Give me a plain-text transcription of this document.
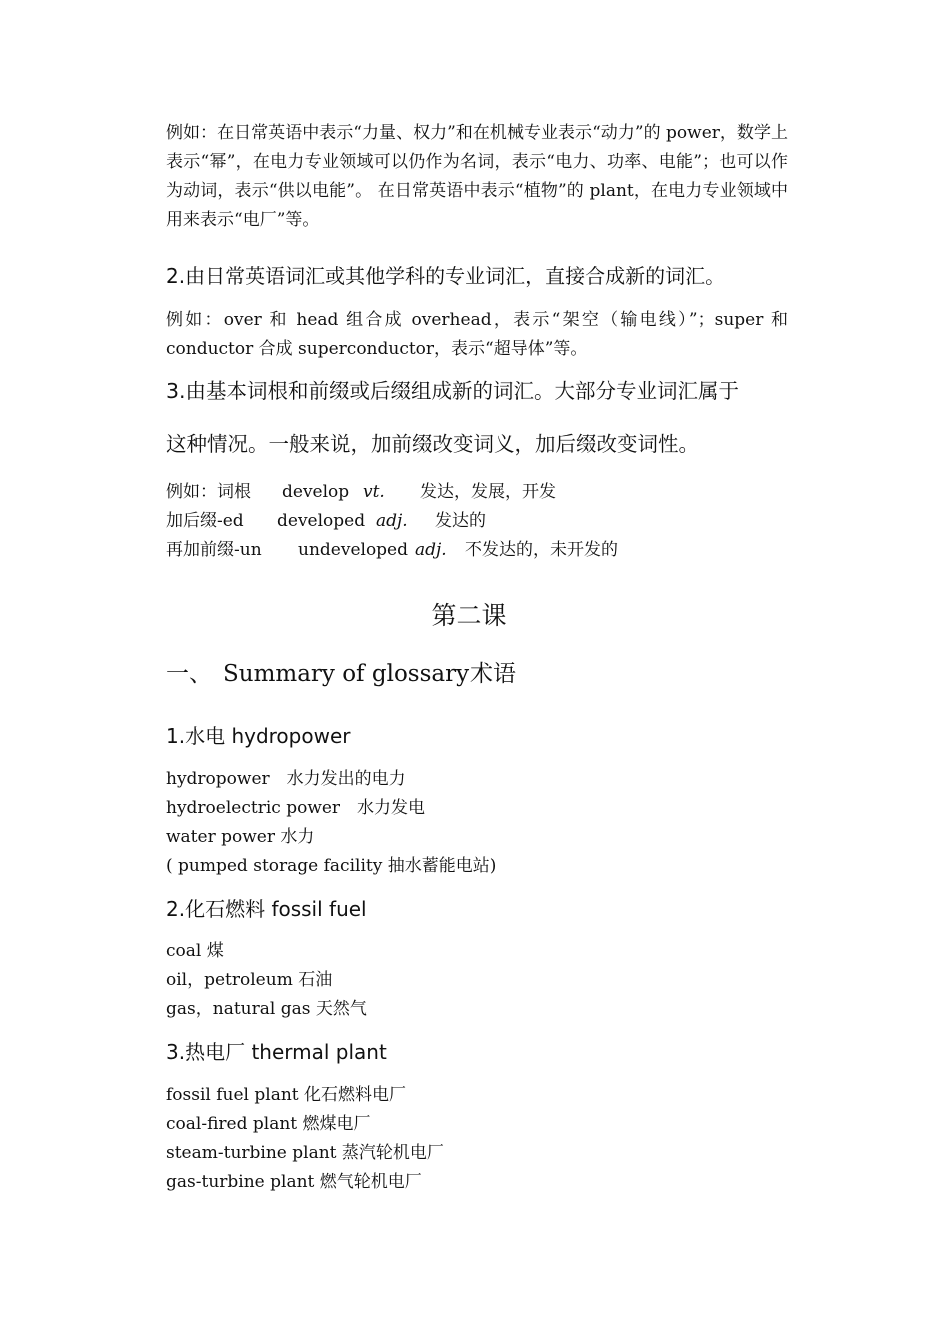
例如：在日常英语中表示“力量、权力”和在机械专业表示“动力”的 power，数学上表示“幂”，在电力专业领域可以仍作为名词，表示“电力、功率、电能”；也可以作为动词，表示“供以电能”。 在日常英语中表示“植物”的 plant，在电力专业领域中用来表示“电厂”等。

2.由日常英语词汇或其他学科的专业词汇，直接合成新的词汇。

例如：over 和 head 组合成 overhead，表示“架空（输电线）”；super 和 conductor 合成 superconductor，表示“超导体”等。

3.由基本词根和前缀或后缀组成新的词汇。大部分专业词汇属于
这种情况。一般来说，加前缀改变词义，加后缀改变词性。
例如：词根 develop vt. 发达，发展，开发
加后缀-ed developed adj. 发达的
再加前缀-un undeveloped adj. 不发达的，未开发的
第二课
一、 Summary of glossary 术语
1.水电 hydropower
hydropower　水力发出的电力
hydroelectric power　水力发电
water power 水力
( pumped storage facility 抽水蓄能电站)
2.化石燃料 fossil fuel
coal 煤
oil，petroleum 石油
gas，natural gas 天然气
3.热电厂 thermal plant
fossil fuel plant 化石燃料电厂
coal-fired plant 燃煤电厂
steam-turbine plant 蒸汽轮机电厂
gas-turbine plant 燃气轮机电厂
